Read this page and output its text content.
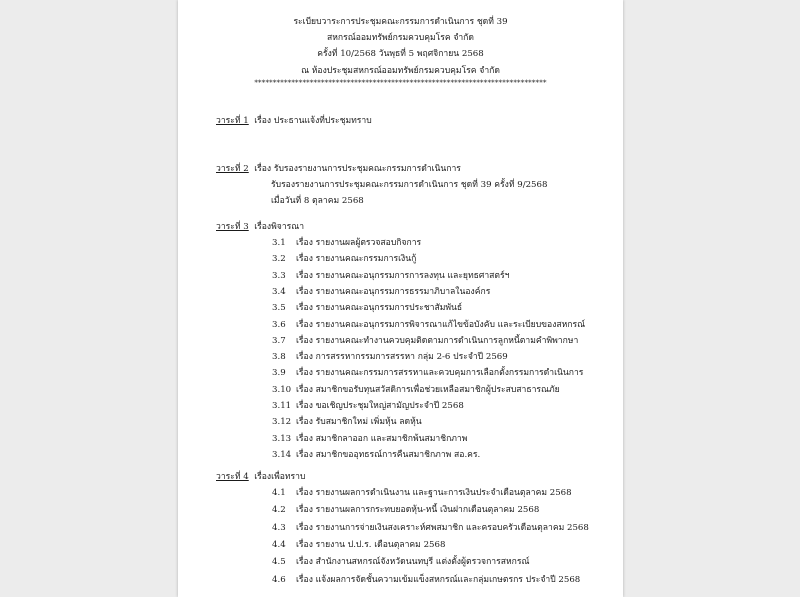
ระเบียบวาระการประชุมคณะกรรมการดำเนินการ ชุดที่ 39
สหกรณ์ออมทรัพย์กรมควบคุมโรค จำกัด
ครั้งที่ 10/2568 วันพุธที่ 5 พฤศจิกายน 2568
ณ ห้องประชุมสหกรณ์ออมทรัพย์กรมควบคุมโรค จำกัด
*******************************************************************************
วาระที่ 1 เรื่อง ประธานแจ้งที่ประชุมทราบ
วาระที่ 2 เรื่อง รับรองรายงานการประชุมคณะกรรมการดำเนินการ
รับรองรายงานการประชุมคณะกรรมการดำเนินการ ชุดที่ 39 ครั้งที่ 9/2568
เมื่อวันที่ 8 ตุลาคม 2568
วาระที่ 3 เรื่องพิจารณา
3.1 เรื่อง รายงานผลผู้ตรวจสอบกิจการ
3.2 เรื่อง รายงานคณะกรรมการเงินกู้
3.3 เรื่อง รายงานคณะอนุกรรมการการลงทุน และยุทธศาสตร์ฯ
3.4 เรื่อง รายงานคณะอนุกรรมการธรรมาภิบาลในองค์กร
3.5 เรื่อง รายงานคณะอนุกรรมการประชาสัมพันธ์
3.6 เรื่อง รายงานคณะอนุกรรมการพิจารณาแก้ไขข้อบังคับ และระเบียบของสหกรณ์
3.7 เรื่อง รายงานคณะทำงานควบคุมติดตามการดำเนินการลูกหนี้ตามคำพิพากษา
3.8 เรื่อง การสรรหากรรมการสรรหา กลุ่ม 2-6 ประจำปี 2569
3.9 เรื่อง รายงานคณะกรรมการสรรหาและควบคุมการเลือกตั้งกรรมการดำเนินการ
3.10 เรื่อง สมาชิกขอรับทุนสวัสดิการเพื่อช่วยเหลือสมาชิกผู้ประสบสาธารณภัย
3.11 เรื่อง ขอเชิญประชุมใหญ่สามัญประจำปี 2568
3.12 เรื่อง รับสมาชิกใหม่ เพิ่มหุ้น ลดหุ้น
3.13 เรื่อง สมาชิกลาออก และสมาชิกพ้นสมาชิกภาพ
3.14 เรื่อง สมาชิกขออุทธรณ์การคืนสมาชิกภาพ สอ.คร.
วาระที่ 4 เรื่องเพื่อทราบ
4.1 เรื่อง รายงานผลการดำเนินงาน และฐานะการเงินประจำเดือนตุลาคม 2568
4.2 เรื่อง รายงานผลการกระทบยอดหุ้น-หนี้ เงินฝากเดือนตุลาคม 2568
4.3 เรื่อง รายงานการจ่ายเงินสงเคราะห์ศพสมาชิก และครอบครัวเดือนตุลาคม 2568
4.4 เรื่อง รายงาน ป.ป.ร. เดือนตุลาคม 2568
4.5 เรื่อง สำนักงานสหกรณ์จังหวัดนนทบุรี แต่งตั้งผู้ตรวจการสหกรณ์
4.6 เรื่อง แจ้งผลการจัดชั้นความเข้มแข็งสหกรณ์และกลุ่มเกษตรกร ประจำปี 2568
